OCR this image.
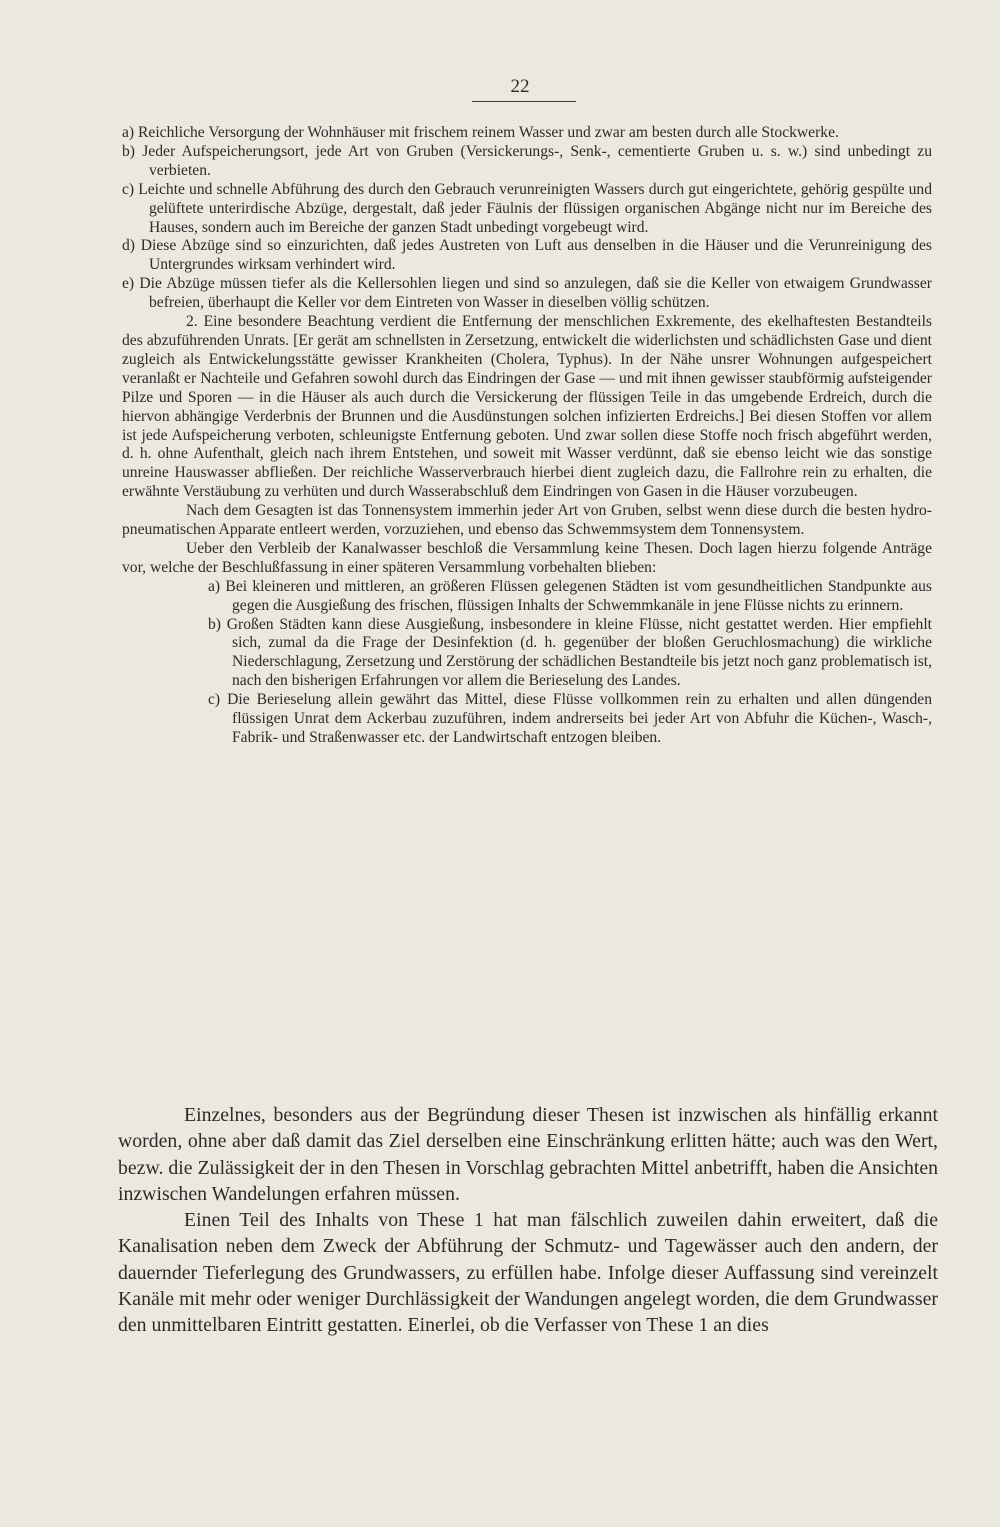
22

a) Reichliche Versorgung der Wohnhäuser mit frischem reinem Wasser und zwar am besten durch alle Stockwerke.

b) Jeder Aufspeicherungsort, jede Art von Gruben (Versickerungs-, Senk-, cementierte Gruben u. s. w.) sind unbedingt zu verbieten.

c) Leichte und schnelle Abführung des durch den Gebrauch verunreinigten Wassers durch gut eingerichtete, gehörig gespülte und gelüftete unterirdische Abzüge, dergestalt, daß jeder Fäulnis der flüssigen organischen Abgänge nicht nur im Bereiche des Hauses, sondern auch im Bereiche der ganzen Stadt unbedingt vorgebeugt wird.

d) Diese Abzüge sind so einzurichten, daß jedes Austreten von Luft aus denselben in die Häuser und die Verunreinigung des Untergrundes wirksam verhindert wird.

e) Die Abzüge müssen tiefer als die Kellersohlen liegen und sind so anzulegen, daß sie die Keller von etwaigem Grundwasser befreien, überhaupt die Keller vor dem Eintreten von Wasser in dieselben völlig schützen.

2. Eine besondere Beachtung verdient die Entfernung der menschlichen Exkremente, des ekelhaftesten Bestandteils des abzuführenden Unrats. [Er gerät am schnellsten in Zersetzung, entwickelt die widerlichsten und schädlichsten Gase und dient zugleich als Entwickelungsstätte gewisser Krankheiten (Cholera, Typhus). In der Nähe unsrer Wohnungen aufgespeichert veranlaßt er Nachteile und Gefahren sowohl durch das Eindringen der Gase — und mit ihnen gewisser staubförmig aufsteigender Pilze und Sporen — in die Häuser als auch durch die Versickerung der flüssigen Teile in das umgebende Erdreich, durch die hiervon abhängige Verderbnis der Brunnen und die Ausdünstungen solchen infizierten Erdreichs.] Bei diesen Stoffen vor allem ist jede Aufspeicherung verboten, schleunigste Entfernung geboten. Und zwar sollen diese Stoffe noch frisch abgeführt werden, d. h. ohne Aufenthalt, gleich nach ihrem Entstehen, und soweit mit Wasser verdünnt, daß sie ebenso leicht wie das sonstige unreine Hauswasser abfließen. Der reichliche Wasserverbrauch hierbei dient zugleich dazu, die Fallrohre rein zu erhalten, die erwähnte Verstäubung zu verhüten und durch Wasserabschluß dem Eindringen von Gasen in die Häuser vorzubeugen.

Nach dem Gesagten ist das Tonnensystem immerhin jeder Art von Gruben, selbst wenn diese durch die besten hydro-pneumatischen Apparate entleert werden, vorzuziehen, und ebenso das Schwemmsystem dem Tonnensystem.

Ueber den Verbleib der Kanalwasser beschloß die Versammlung keine Thesen. Doch lagen hierzu folgende Anträge vor, welche der Beschlußfassung in einer späteren Versammlung vorbehalten blieben:

a) Bei kleineren und mittleren, an größeren Flüssen gelegenen Städten ist vom gesundheitlichen Standpunkte aus gegen die Ausgießung des frischen, flüssigen Inhalts der Schwemmkanäle in jene Flüsse nichts zu erinnern.

b) Großen Städten kann diese Ausgießung, insbesondere in kleine Flüsse, nicht gestattet werden. Hier empfiehlt sich, zumal da die Frage der Desinfektion (d. h. gegenüber der bloßen Geruchlosmachung) die wirkliche Niederschlagung, Zersetzung und Zerstörung der schädlichen Bestandteile bis jetzt noch ganz problematisch ist, nach den bisherigen Erfahrungen vor allem die Berieselung des Landes.

c) Die Berieselung allein gewährt das Mittel, diese Flüsse vollkommen rein zu erhalten und allen düngenden flüssigen Unrat dem Ackerbau zuzuführen, indem andrerseits bei jeder Art von Abfuhr die Küchen-, Wasch-, Fabrik- und Straßenwasser etc. der Landwirtschaft entzogen bleiben.

Einzelnes, besonders aus der Begründung dieser Thesen ist inzwischen als hinfällig erkannt worden, ohne aber daß damit das Ziel derselben eine Einschränkung erlitten hätte; auch was den Wert, bezw. die Zulässigkeit der in den Thesen in Vorschlag gebrachten Mittel anbetrifft, haben die Ansichten inzwischen Wandelungen erfahren müssen.

Einen Teil des Inhalts von These 1 hat man fälschlich zuweilen dahin erweitert, daß die Kanalisation neben dem Zweck der Abführung der Schmutz- und Tagewässer auch den andern, der dauernder Tieferlegung des Grundwassers, zu erfüllen habe. Infolge dieser Auffassung sind vereinzelt Kanäle mit mehr oder weniger Durchlässigkeit der Wandungen angelegt worden, die dem Grundwasser den unmittelbaren Eintritt gestatten. Einerlei, ob die Verfasser von These 1 an dies
